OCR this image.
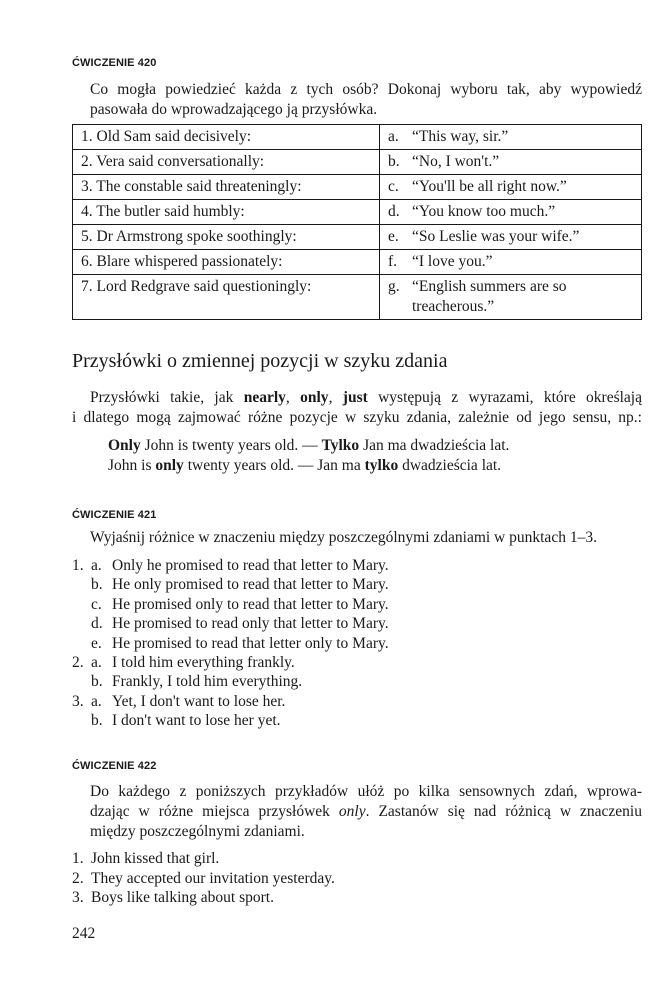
ĆWICZENIE 420
Co mogła powiedzieć każda z tych osób? Dokonaj wyboru tak, aby wypowiedź
pasowała do wprowadzającego ją przysłówka.
1. Old Sam said decisively:	a. “This way, sir.”

2. Vera said conversationally:	b. “No, I won't.”

3. The constable said threateningly:	c. “You'll be all right now.”

4. The butler said humbly:	d. “You know too much.”

5. Dr Armstrong spoke soothingly:	e. “So Leslie was your wife.”

6. Blare whispered passionately:	f. “I love you.”

7. Lord Redgrave said questioningly:	g. “English summers are so
treacherous.”
Przysłówki o zmiennej pozycji w szyku zdania
Przysłówki takie, jak nearly, only, just występują z wyrazami, które określają
i dlatego mogą zajmować różne pozycje w szyku zdania, zależnie od jego sensu, np.:
Only John is twenty years old. — Tylko Jan ma dwadzieścia lat.
John is only twenty years old. — Jan ma tylko dwadzieścia lat.
ĆWICZENIE 421
Wyjaśnij różnice w znaczeniu między poszczególnymi zdaniami w punktach 1–3.
1. a. Only he promised to read that letter to Mary.
b. He only promised to read that letter to Mary.
c. He promised only to read that letter to Mary.
d. He promised to read only that letter to Mary.
e. He promised to read that letter only to Mary.
2. a. I told him everything frankly.
b. Frankly, I told him everything.
3. a. Yet, I don't want to lose her.
b. I don't want to lose her yet.
ĆWICZENIE 422
Do każdego z poniższych przykładów ułóż po kilka sensownych zdań, wprowa-
dzając w różne miejsca przysłówek only. Zastanów się nad różnicą w znaczeniu
między poszczególnymi zdaniami.
1. John kissed that girl.
2. They accepted our invitation yesterday.
3. Boys like talking about sport.
242
